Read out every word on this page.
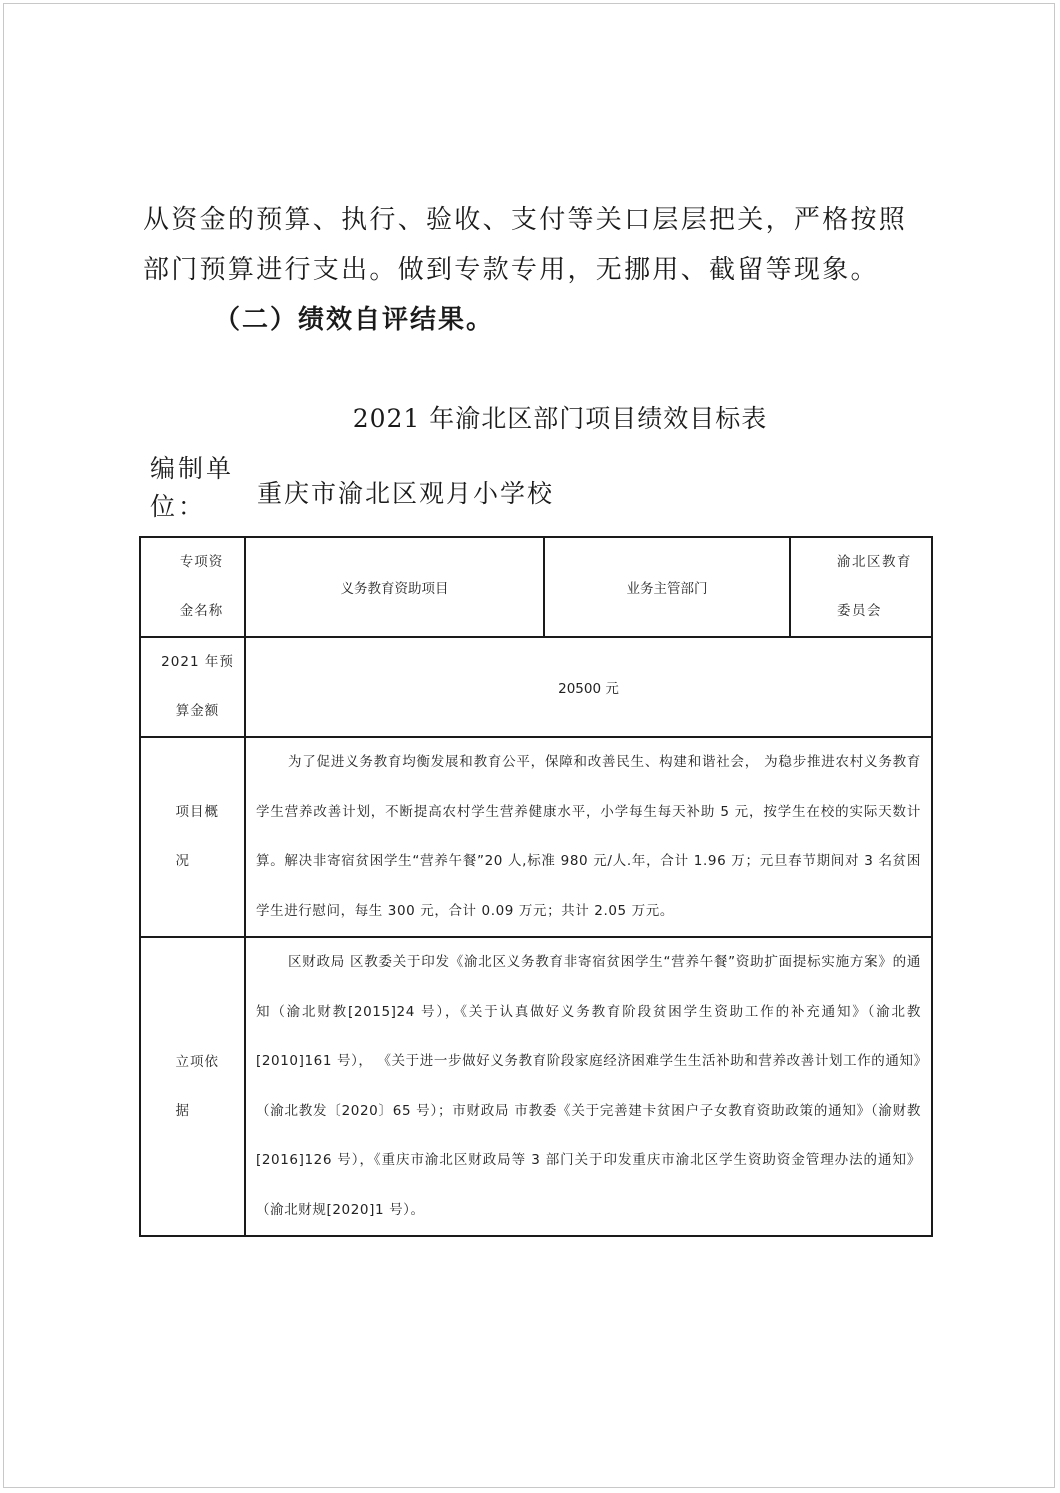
从资金的预算、执行、验收、支付等关口层层把关，严格按照
部门预算进行支出。做到专款专用，无挪用、截留等现象。
（二）绩效自评结果。
2021 年渝北区部门项目绩效目标表
编制单位：	重庆市渝北区观月小学校
专项资金名称	义务教育资助项目	业务主管部门	渝北区教育委员会

2021 年预算金额	20500 元		

项目概况	为了促进义务教育均衡发展和教育公平，保障和改善民生、构建和谐社会， 为稳步推进农村义务教育学生营养改善计划，不断提高农村学生营养健康水平，小学每生每天补助 5 元，按学生在校的实际天数计算。解决非寄宿贫困学生“营养午餐”20 人,标准 980 元/人.年，合计 1.96 万；元旦春节期间对 3 名贫困学生进行慰问，每生 300 元，合计 0.09 万元；共计 2.05 万元。		

立项依据	区财政局 区教委关于印发《渝北区义务教育非寄宿贫困学生“营养午餐”资助扩面提标实施方案》的通知（渝北财教[2015]24 号），《关于认真做好义务教育阶段贫困学生资助工作的补充通知》（渝北教[2010]161 号）， 《关于进一步做好义务教育阶段家庭经济困难学生生活补助和营养改善计划工作的通知》（渝北教发〔2020〕65 号）；市财政局 市教委《关于完善建卡贫困户子女教育资助政策的通知》（渝财教[2016]126 号），《重庆市渝北区财政局等 3 部门关于印发重庆市渝北区学生资助资金管理办法的通知》（渝北财规[2020]1 号）。		
